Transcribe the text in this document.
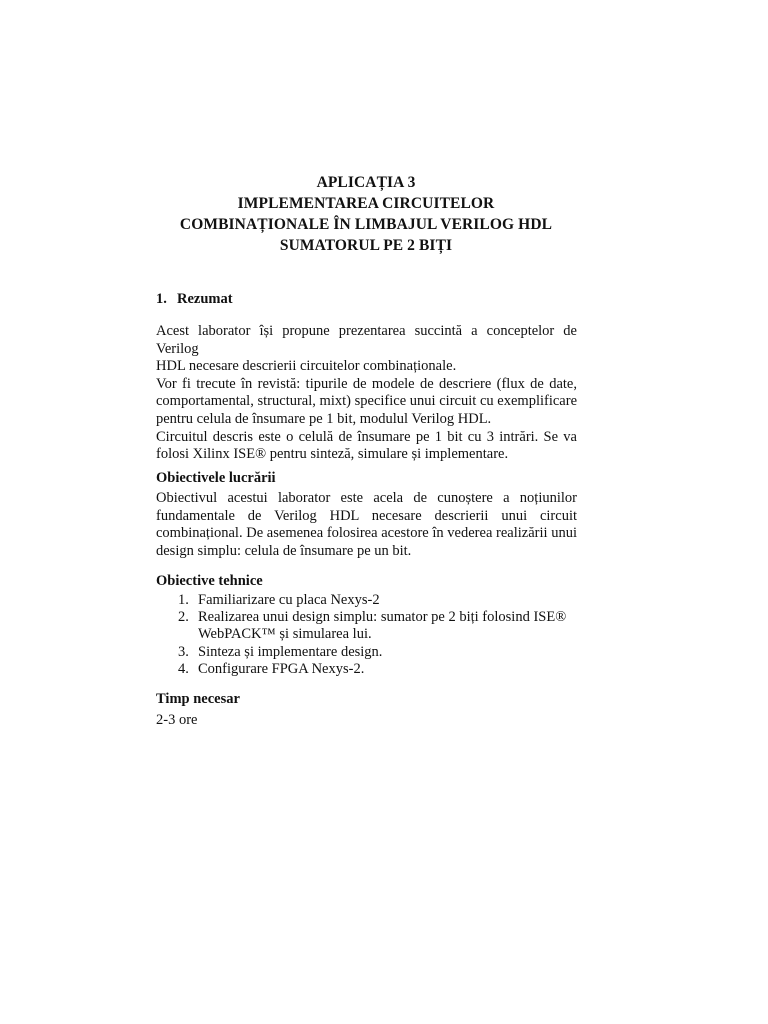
APLICAȚIA 3
IMPLEMENTAREA CIRCUITELOR
COMBINAȚIONALE ÎN LIMBAJUL VERILOG HDL
SUMATORUL PE 2 BIȚI
1. Rezumat
Acest laborator își propune prezentarea succintă a conceptelor de Verilog
HDL necesare descrierii circuitelor combinaționale.
Vor fi trecute în revistă: tipurile de modele de descriere (flux de date,
comportamental, structural, mixt) specifice unui circuit cu exemplificare
pentru celula de însumare pe 1 bit, modulul Verilog HDL.
Circuitul descris este o celulă de însumare pe 1 bit cu 3 intrări. Se va
folosi Xilinx ISE® pentru sinteză, simulare și implementare.
Obiectivele lucrării
Obiectivul acestui laborator este acela de cunoștere a noțiunilor
fundamentale de Verilog HDL necesare descrierii unui circuit
combinațional. De asemenea folosirea acestore în vederea realizării unui
design simplu: celula de însumare pe un bit.
Obiective tehnice
1. Familiarizare cu placa Nexys-2
2. Realizarea unui design simplu: sumator pe 2 biți folosind ISE®
WebPACK™ și simularea lui.
3. Sinteza și implementare design.
4. Configurare FPGA Nexys-2.
Timp necesar
2-3 ore
